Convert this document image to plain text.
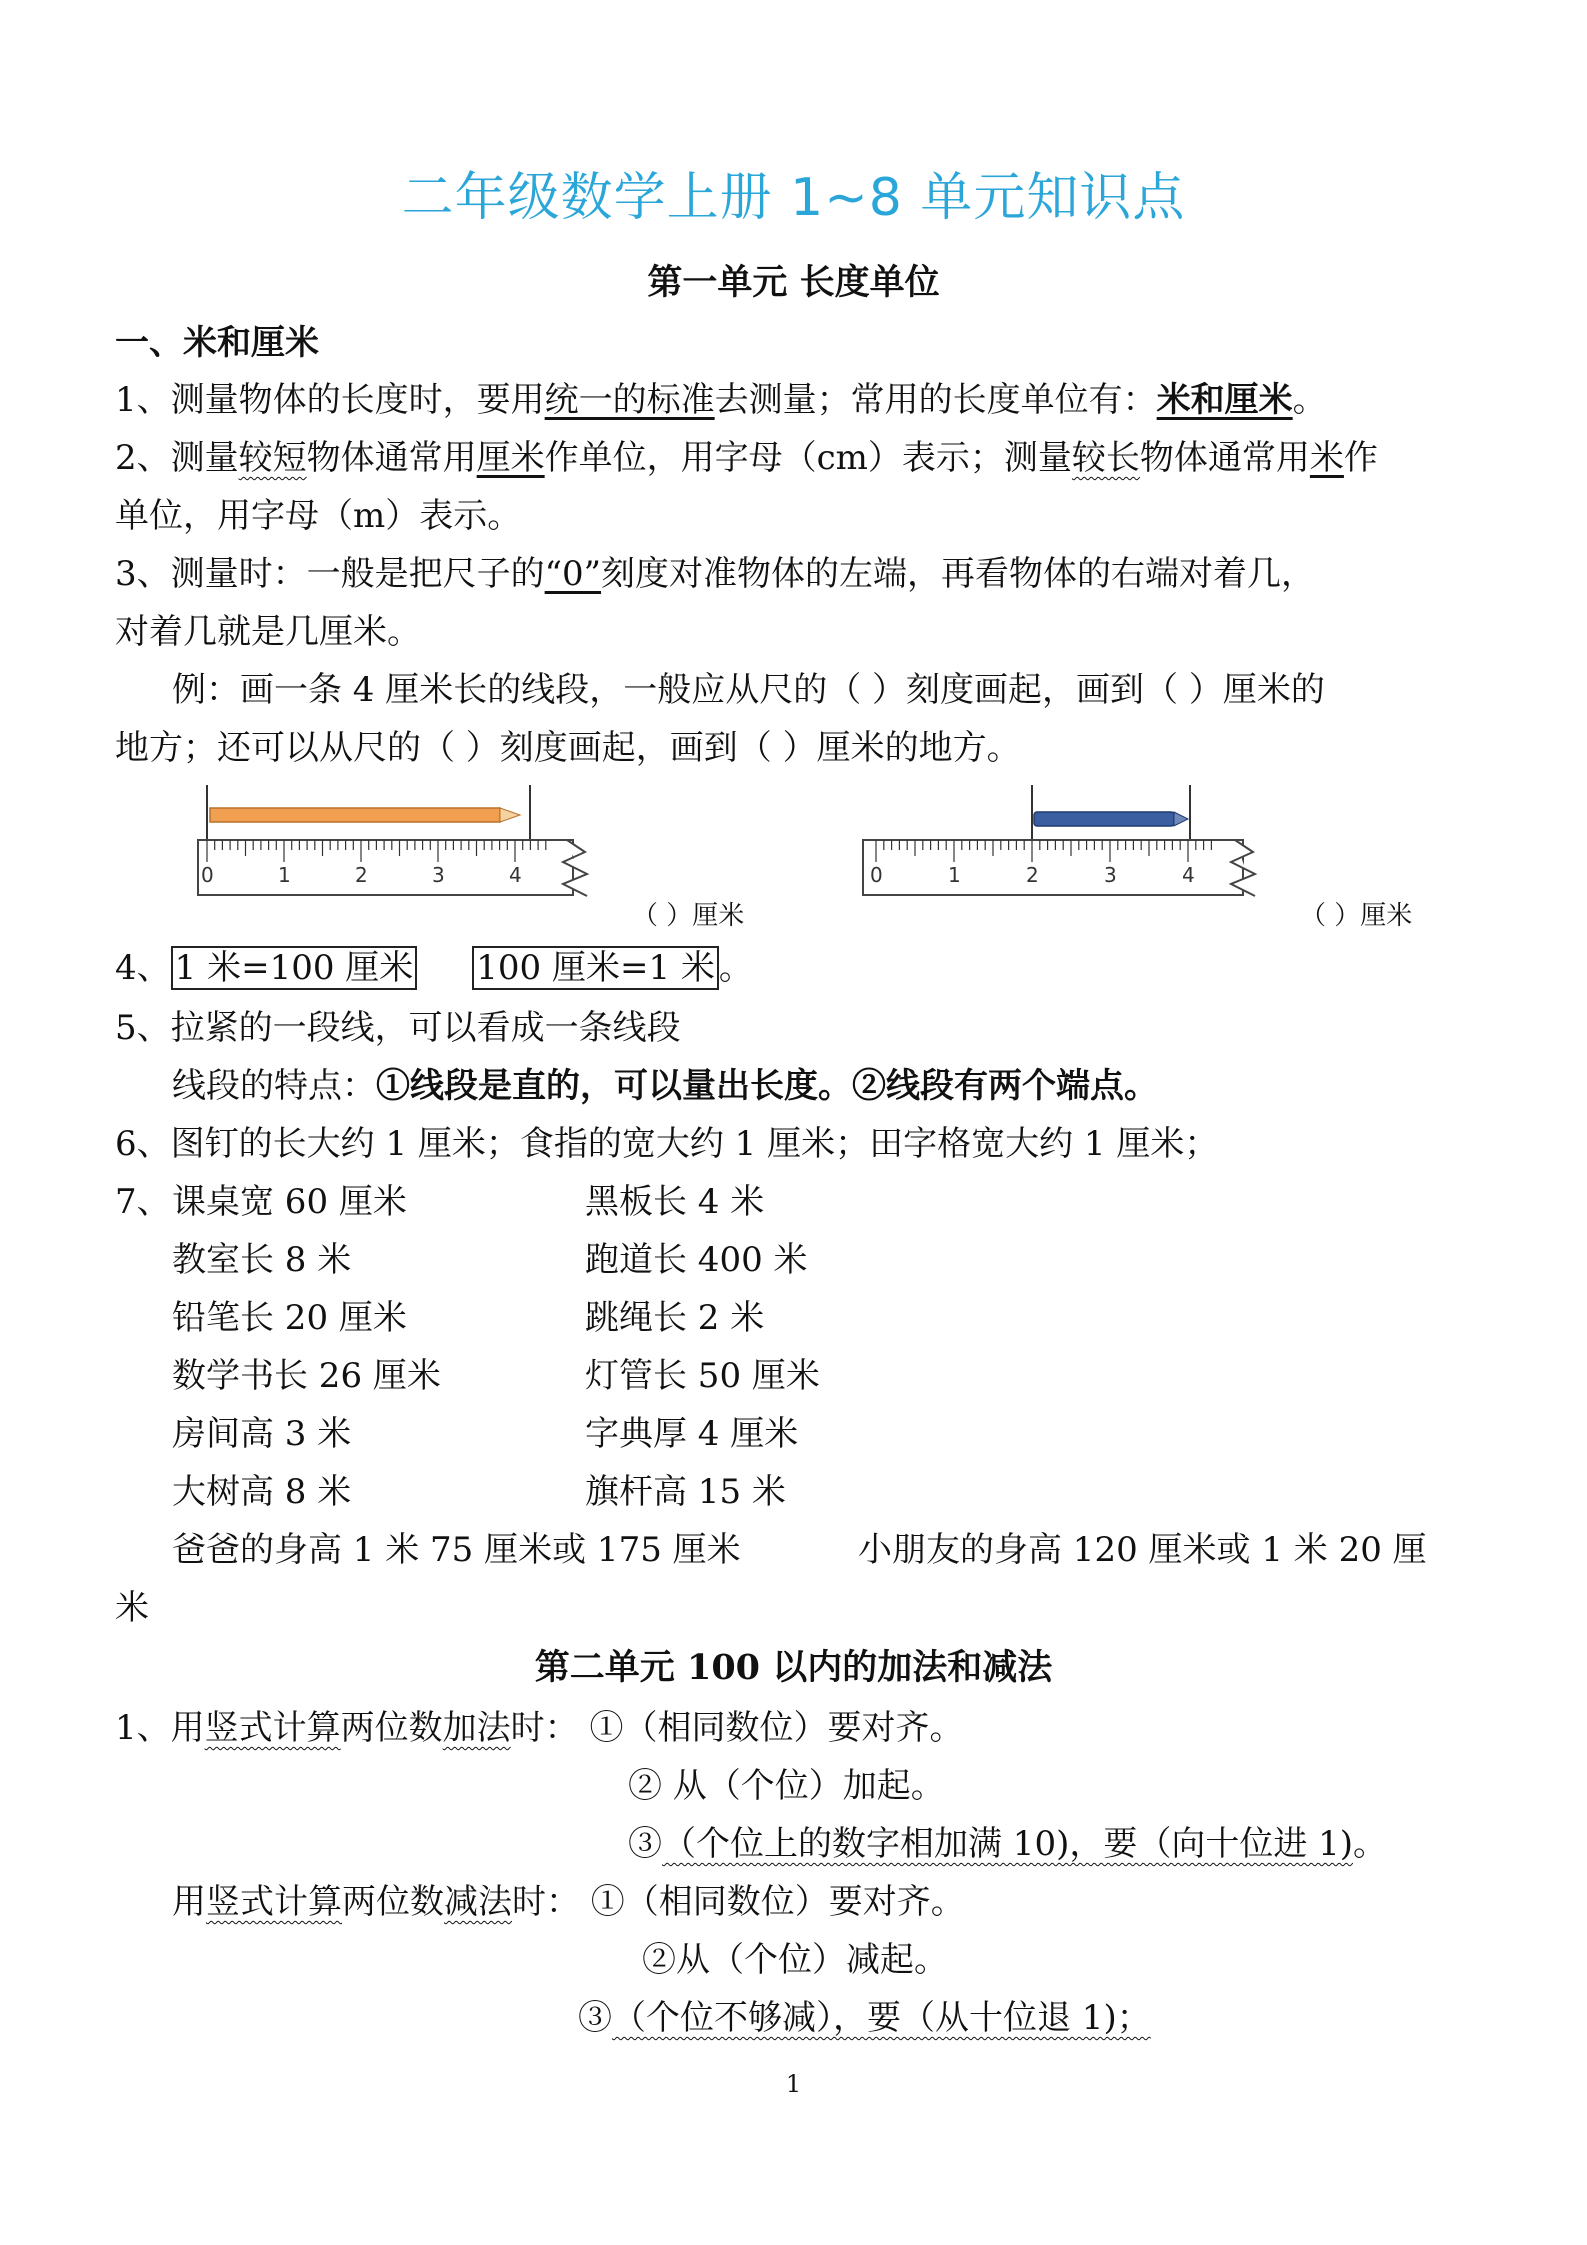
二年级数学上册 1~8 单元知识点
第一单元 长度单位
一、米和厘米
1、测量物体的长度时，要用统一的标准去测量；常用的长度单位有：米和厘米。
2、测量较短物体通常用厘米作单位，用字母（cm）表示；测量较长物体通常用米作
单位，用字母（m）表示。
3、测量时：一般是把尺子的“0”刻度对准物体的左端，再看物体的右端对着几，
对着几就是几厘米。
例：画一条 4 厘米长的线段，一般应从尺的（ ）刻度画起，画到（ ）厘米的
地方；还可以从尺的（ ）刻度画起，画到（ ）厘米的地方。
0	1	2	3	4
（ ）厘米
0	1	2	3	4
（ ）厘米
4、 1 米=100 厘米 100 厘米=1 米 。
5、拉紧的一段线，可以看成一条线段
线段的特点：①线段是直的，可以量出长度。②线段有两个端点。
6、图钉的长大约 1 厘米；食指的宽大约 1 厘米；田字格宽大约 1 厘米；
7、 课桌宽 60 厘米	黑板长 4 米
教室长 8 米	跑道长 400 米
铅笔长 20 厘米	跳绳长 2 米
数学书长 26 厘米	灯管长 50 厘米
房间高 3 米	字典厚 4 厘米
大树高 8 米	旗杆高 15 米
爸爸的身高 1 米 75 厘米或 175 厘米	小朋友的身高 120 厘米或 1 米 20 厘
米
第二单元 100 以内的加法和减法
1、用竖式计算两位数加法时： ①（相同数位）要对齐。
② 从（个位）加起。
③（个位上的数字相加满 10)，要（向十位进 1)。
用竖式计算两位数减法时： ①（相同数位）要对齐。
②从（个位）减起。
③（个位不够减），要（从十位退 1)；
1
